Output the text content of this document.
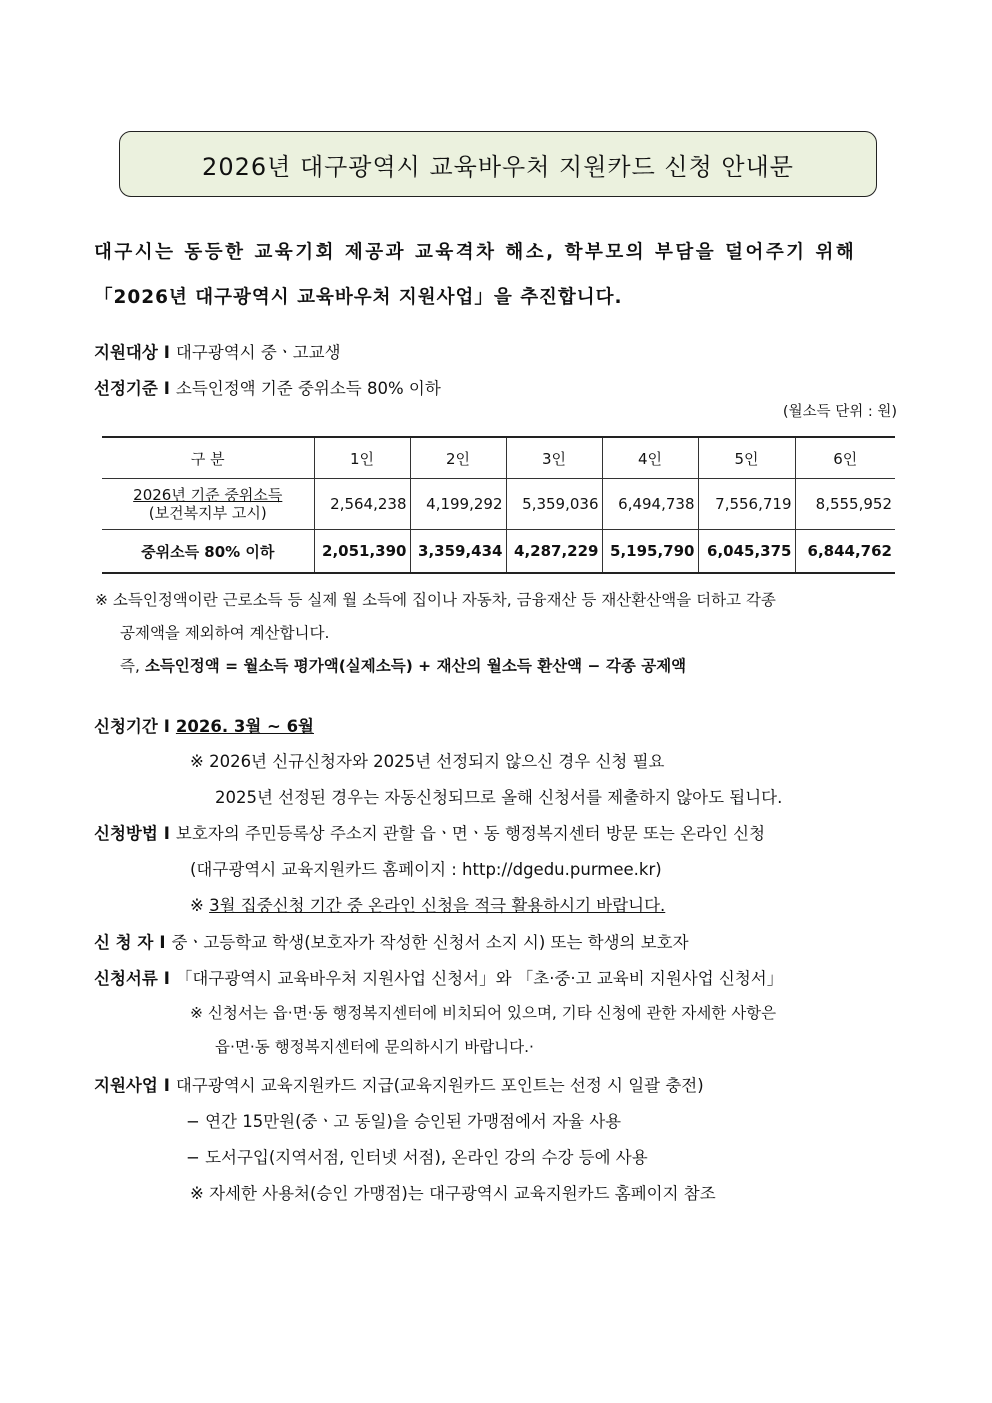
2026년 대구광역시 교육바우처 지원카드 신청 안내문
대구시는 동등한 교육기회 제공과 교육격차 해소, 학부모의 부담을 덜어주기 위해
「2026년 대구광역시 교육바우처 지원사업」을 추진합니다.
지원대상 I 대구광역시 중ㆍ고교생
선정기준 I 소득인정액 기준 중위소득 80% 이하
(월소득 단위 : 원)
구 분	1인	2인	3인	4인	5인	6인

2026년 기준 중위소득
(보건복지부 고시)	2,564,238	4,199,292	5,359,036	6,494,738	7,556,719	8,555,952
중위소득 80% 이하	2,051,390	3,359,434	4,287,229	5,195,790	6,045,375	6,844,762
※ 소득인정액이란 근로소득 등 실제 월 소득에 집이나 자동차, 금융재산 등 재산환산액을 더하고 각종
공제액을 제외하여 계산합니다.
즉, 소득인정액 = 월소득 평가액(실제소득) + 재산의 월소득 환산액 − 각종 공제액
신청기간 I 2026. 3월 ~ 6월
※ 2026년 신규신청자와 2025년 선정되지 않으신 경우 신청 필요
2025년 선정된 경우는 자동신청되므로 올해 신청서를 제출하지 않아도 됩니다.
신청방법 I 보호자의 주민등록상 주소지 관할 읍ㆍ면ㆍ동 행정복지센터 방문 또는 온라인 신청
(대구광역시 교육지원카드 홈페이지 : http://dgedu.purmee.kr)
※ 3월 집중신청 기간 중 온라인 신청을 적극 활용하시기 바랍니다.
신 청 자 I 중ㆍ고등학교 학생(보호자가 작성한 신청서 소지 시) 또는 학생의 보호자
신청서류 I 「대구광역시 교육바우처 지원사업 신청서」와 「초·중·고 교육비 지원사업 신청서」
※ 신청서는 읍·면·동 행정복지센터에 비치되어 있으며, 기타 신청에 관한 자세한 사항은
읍·면·동 행정복지센터에 문의하시기 바랍니다.·
지원사업 I 대구광역시 교육지원카드 지급(교육지원카드 포인트는 선정 시 일괄 충전)
− 연간 15만원(중ㆍ고 동일)을 승인된 가맹점에서 자율 사용
− 도서구입(지역서점, 인터넷 서점), 온라인 강의 수강 등에 사용
※ 자세한 사용처(승인 가맹점)는 대구광역시 교육지원카드 홈페이지 참조
